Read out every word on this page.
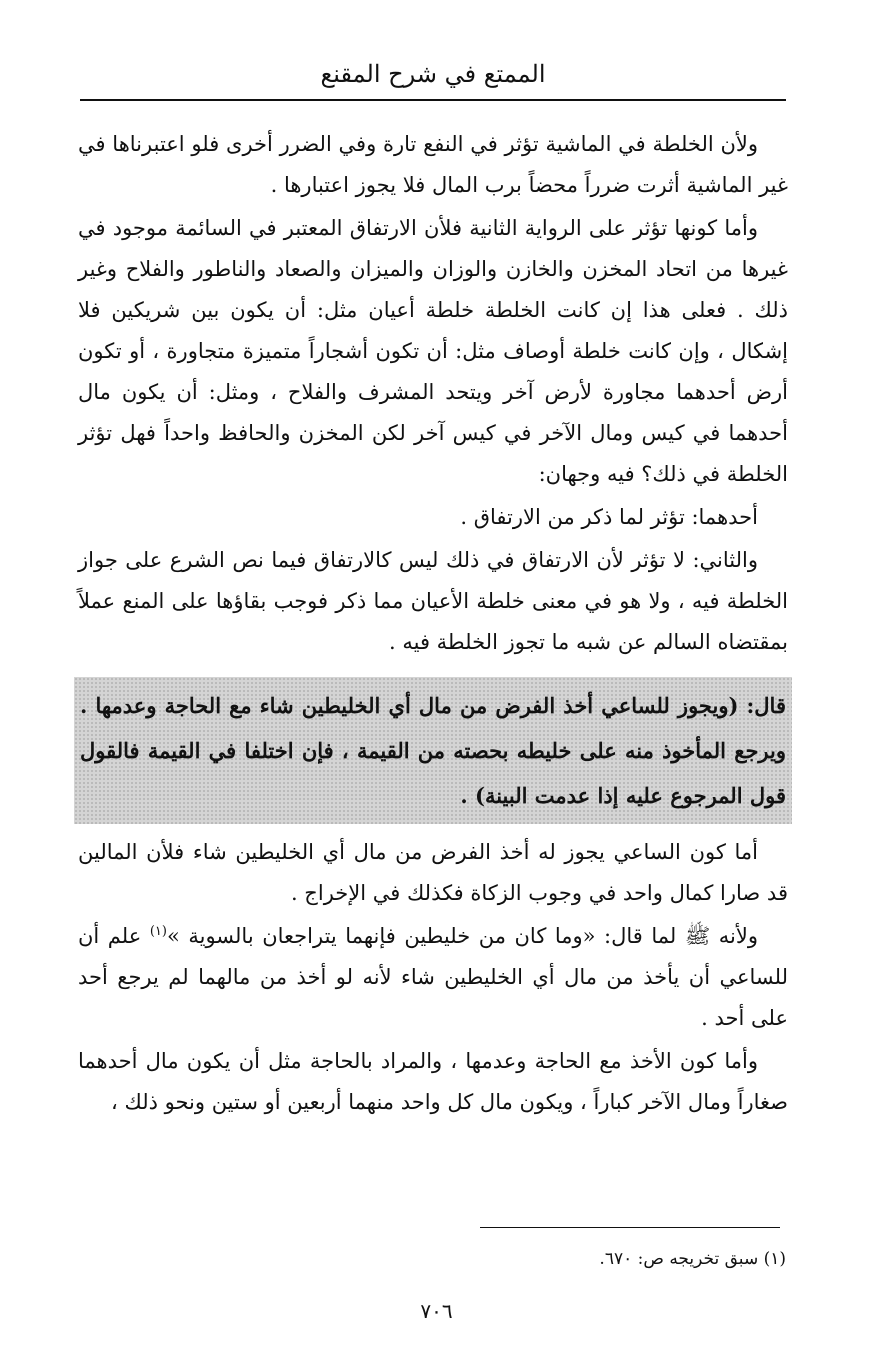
الممتع في شرح المقنع

ولأن الخلطة في الماشية تؤثر في النفع تارة وفي الضرر أخرى فلو اعتبرناها في غير الماشية أثرت ضرراً محضاً برب المال فلا يجوز اعتبارها .

وأما كونها تؤثر على الرواية الثانية فلأن الارتفاق المعتبر في السائمة موجود في غيرها من اتحاد المخزن والخازن والوزان والميزان والصعاد والناطور والفلاح وغير ذلك . فعلى هذا إن كانت الخلطة خلطة أعيان مثل: أن يكون بين شريكين فلا إشكال ، وإن كانت خلطة أوصاف مثل: أن تكون أشجاراً متميزة متجاورة ، أو تكون أرض أحدهما مجاورة لأرض آخر ويتحد المشرف والفلاح ، ومثل: أن يكون مال أحدهما في كيس ومال الآخر في كيس آخر لكن المخزن والحافظ واحداً فهل تؤثر الخلطة في ذلك؟ فيه وجهان:

أحدهما: تؤثر لما ذكر من الارتفاق .

والثاني: لا تؤثر لأن الارتفاق في ذلك ليس كالارتفاق فيما نص الشرع على جواز الخلطة فيه ، ولا هو في معنى خلطة الأعيان مما ذكر فوجب بقاؤها على المنع عملاً بمقتضاه السالم عن شبه ما تجوز الخلطة فيه .

قال: (ويجوز للساعي أخذ الفرض من مال أي الخليطين شاء مع الحاجة وعدمها . ويرجع المأخوذ منه على خليطه بحصته من القيمة ، فإن اختلفا في القيمة فالقول قول المرجوع عليه إذا عدمت البينة) .

أما كون الساعي يجوز له أخذ الفرض من مال أي الخليطين شاء فلأن المالين قد صارا كمال واحد في وجوب الزكاة فكذلك في الإخراج .

ولأنه ﷺ لما قال: «وما كان من خليطين فإنهما يتراجعان بالسوية »$^{(١)}$ علم أن للساعي أن يأخذ من مال أي الخليطين شاء لأنه لو أخذ من مالهما لم يرجع أحد على أحد .

وأما كون الأخذ مع الحاجة وعدمها ، والمراد بالحاجة مثل أن يكون مال أحدهما صغاراً ومال الآخر كباراً ، ويكون مال كل واحد منهما أربعين أو ستين ونحو ذلك ،

(١) سبق تخريجه ص: ٦٧٠.

٧٠٦
